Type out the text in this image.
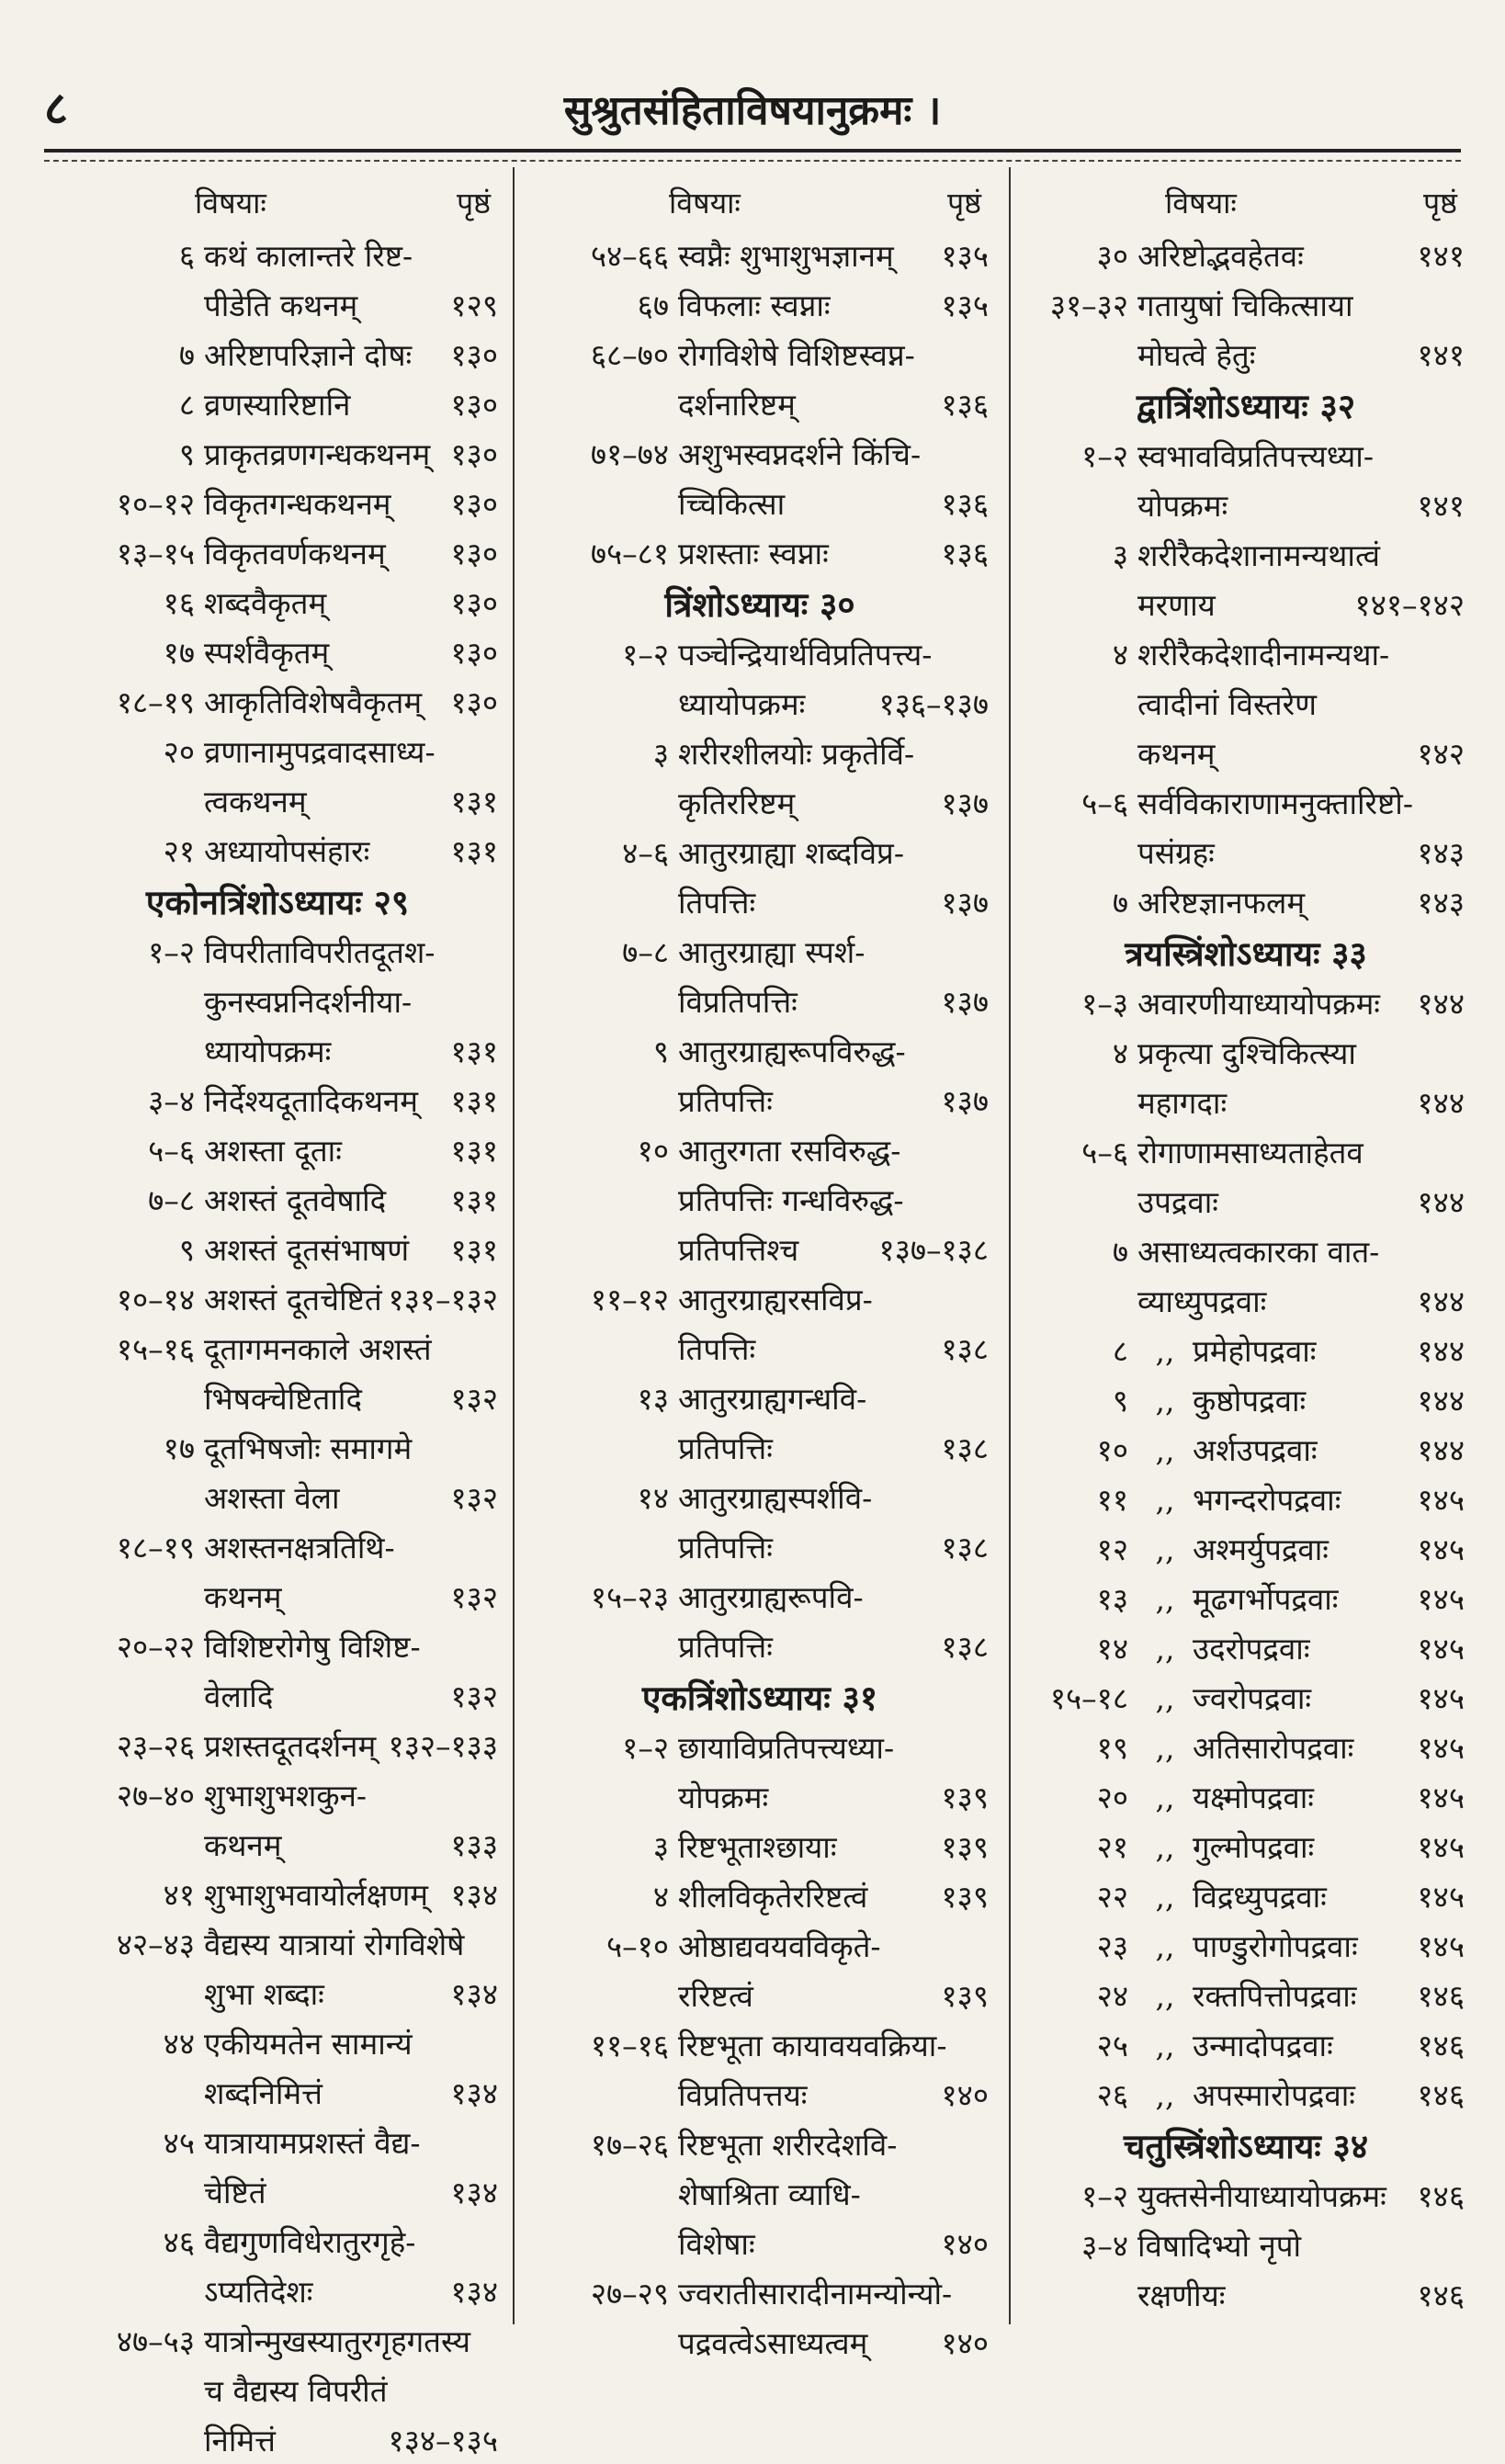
८	सुश्रुतसंहिताविषयानुक्रमः ।
विषयाः	पृष्ठं
६ कथं कालान्तरे रिष्ट-
पीडेति कथनम्	१२९
७ अरिष्टापरिज्ञाने दोषः	१३०
८ व्रणस्यारिष्टानि	१३०
९ प्राकृतव्रणगन्धकथनम् १३०
१०–१२ विकृतगन्धकथनम्	१३०
१३–१५ विकृतवर्णकथनम्	१३०
१६ शब्दवैकृतम्	१३०
१७ स्पर्शवैकृतम्	१३०
१८–१९ आकृतिविशेषवैकृतम् १३०
२० व्रणानामुपद्रवादसाध्य-
त्वकथनम्	१३१
२१ अध्यायोपसंहारः	१३१
एकोनत्रिंशोऽध्यायः २९
१–२ विपरीताविपरीतदूतश-
कुनस्वप्ननिदर्शनीया-
ध्यायोपक्रमः	१३१
३–४ निर्देश्यदूतादिकथनम्	१३१
५–६ अशस्ता दूताः	१३१
७–८ अशस्तं दूतवेषादि	१३१
९ अशस्तं दूतसंभाषणं	१३१
१०–१४ अशस्तं दूतचेष्टितं १३१–१३२
१५–१६ दूतागमनकाले अशस्तं
भिषक्चेष्टितादि	१३२
१७ दूतभिषजोः समागमे
अशस्ता वेला	१३२
१८–१९ अशस्तनक्षत्रतिथि-
कथनम्	१३२
२०–२२ विशिष्टरोगेषु विशिष्ट-
वेलादि	१३२
२३–२६ प्रशस्तदूतदर्शनम् १३२–१३३
२७–४० शुभाशुभशकुन-
कथनम्	१३३
४१ शुभाशुभवायोर्लक्षणम् १३४
४२–४३ वैद्यस्य यात्रायां रोगविशेषे
शुभा शब्दाः	१३४
४४ एकीयमतेन सामान्यं
शब्दनिमित्तं	१३४
४५ यात्रायामप्रशस्तं वैद्य-
चेष्टितं	१३४
४६ वैद्यगुणविधेरातुरगृहे-
ऽप्यतिदेशः	१३४
४७–५३ यात्रोन्मुखस्यातुरगृहगतस्य
च वैद्यस्य विपरीतं
निमित्तं	१३४–१३५
विषयाः	पृष्ठं
५४–६६ स्वप्नैः शुभाशुभज्ञानम्	१३५
६७ विफलाः स्वप्नाः	१३५
६८–७० रोगविशेषे विशिष्टस्वप्न-
दर्शनारिष्टम्	१३६
७१–७४ अशुभस्वप्नदर्शने किंचि-
च्चिकित्सा	१३६
७५–८१ प्रशस्ताः स्वप्नाः	१३६
त्रिंशोऽध्यायः ३०
१–२ पञ्चेन्द्रियार्थविप्रतिपत्त्य-
ध्यायोपक्रमः	१३६–१३७
३ शरीरशीलयोः प्रकृतेर्वि-
कृतिररिष्टम्	१३७
४–६ आतुरग्राह्या शब्दविप्र-
तिपत्तिः	१३७
७–८ आतुरग्राह्या स्पर्श-
विप्रतिपत्तिः	१३७
९ आतुरग्राह्यरूपविरुद्ध-
प्रतिपत्तिः	१३७
१० आतुरगता रसविरुद्ध-
प्रतिपत्तिः गन्धविरुद्ध-
प्रतिपत्तिश्च	१३७–१३८
११–१२ आतुरग्राह्यरसविप्र-
तिपत्तिः	१३८
१३ आतुरग्राह्यगन्धवि-
प्रतिपत्तिः	१३८
१४ आतुरग्राह्यस्पर्शवि-
प्रतिपत्तिः	१३८
१५–२३ आतुरग्राह्यरूपवि-
प्रतिपत्तिः	१३८
एकत्रिंशोऽध्यायः ३१
१–२ छायाविप्रतिपत्त्यध्या-
योपक्रमः	१३९
३ रिष्टभूताश्छायाः	१३९
४ शीलविकृतेररिष्टत्वं	१३९
५–१० ओष्ठाद्यवयवविकृते-
ररिष्टत्वं	१३९
११–१६ रिष्टभूता कायावयवक्रिया-
विप्रतिपत्तयः	१४०
१७–२६ रिष्टभूता शरीरदेशवि-
शेषाश्रिता व्याधि-
विशेषाः	१४०
२७–२९ ज्वरातीसारादीनामन्योन्यो-
पद्रवत्वेऽसाध्यत्वम्	१४०
विषयाः	पृष्ठं
३० अरिष्टोद्भवहेतवः	१४१
३१–३२ गतायुषां चिकित्साया
मोघत्वे हेतुः	१४१
द्वात्रिंशोऽध्यायः ३२
१–२ स्वभावविप्रतिपत्त्यध्या-
योपक्रमः	१४१
३ शरीरैकदेशानामन्यथात्वं
मरणाय	१४१–१४२
४ शरीरैकदेशादीनामन्यथा-
त्वादीनां विस्तरेण
कथनम्	१४२
५–६ सर्वविकाराणामनुक्तारिष्टो-
पसंग्रहः	१४३
७ अरिष्टज्ञानफलम्	१४३
त्रयस्त्रिंशोऽध्यायः ३३
१–३ अवारणीयाध्यायोपक्रमः	१४४
४ प्रकृत्या दुश्चिकित्स्या
महागदाः	१४४
५–६ रोगाणामसाध्यताहेतव
उपद्रवाः	१४४
७ असाध्यत्वकारका वात-
व्याध्युपद्रवाः	१४४
८ ,, प्रमेहोपद्रवाः	१४४
९ ,, कुष्ठोपद्रवाः	१४४
१० ,, अर्शउपद्रवाः	१४४
११ ,, भगन्दरोपद्रवाः	१४५
१२ ,, अश्मर्युपद्रवाः	१४५
१३ ,, मूढगर्भोपद्रवाः	१४५
१४ ,, उदरोपद्रवाः	१४५
१५–१८ ,, ज्वरोपद्रवाः	१४५
१९ ,, अतिसारोपद्रवाः	१४५
२० ,, यक्ष्मोपद्रवाः	१४५
२१ ,, गुल्मोपद्रवाः	१४५
२२ ,, विद्रध्युपद्रवाः	१४५
२३ ,, पाण्डुरोगोपद्रवाः	१४५
२४ ,, रक्तपित्तोपद्रवाः	१४६
२५ ,, उन्मादोपद्रवाः	१४६
२६ ,, अपस्मारोपद्रवाः	१४६
चतुस्त्रिंशोऽध्यायः ३४
१–२ युक्तसेनीयाध्यायोपक्रमः	१४६
३–४ विषादिभ्यो नृपो
रक्षणीयः	१४६
